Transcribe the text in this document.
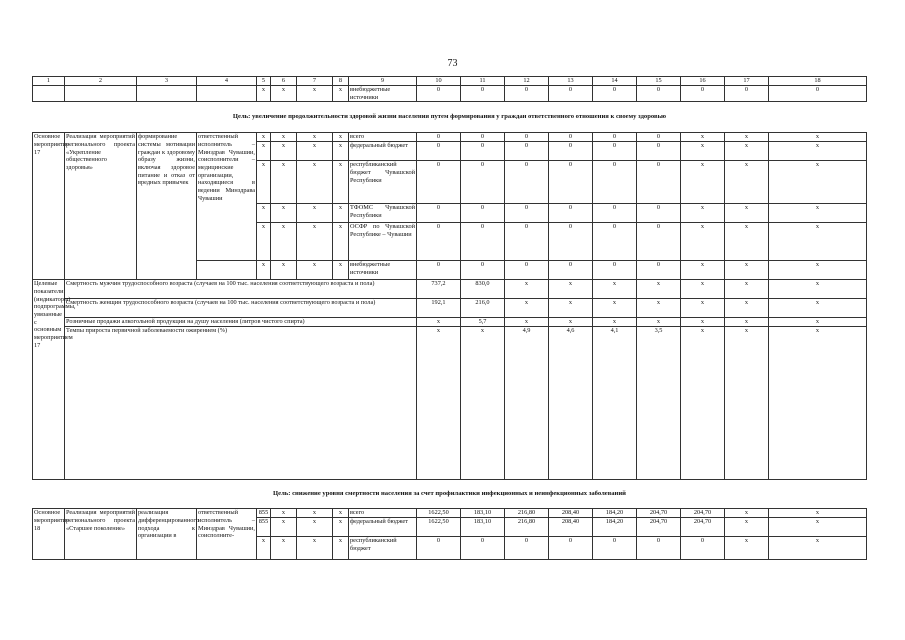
73
1	2	3	4	5	6	7	8	9	10	11	12	13	14	15	16	17	18
				x	x	x	x	внебюджетные источники	0	0	0	0	0	0	0	0	0
Цель: увеличение продолжительности здоровой жизни населения путем формирования у граждан ответственного отношения к своему здоровью																	
Основное мероприятие 17	Реализация мероприятий регионального проекта «Укрепление общественного здоровья»	формирование системы мотивации граждан к здоровому образу жизни, включая здоровое питание и отказ от вредных привычек	ответственный исполнитель – Минздрав Чувашии, соисполнители – медицинские организации, находящиеся в ведении Минздрава Чувашии	x	x	x	x	всего	0	0	0	0	0	0	x	x	x
				x	x	x	x	федеральный бюджет	0	0	0	0	0	0	x	x	x
				x	x	x	x	республиканский бюджет Чувашской Республики	0	0	0	0	0	0	x	x	x
				x	x	x	x	ТФОМС Чувашской Республики	0	0	0	0	0	0	x	x	x
				x	x	x	x	ОСФР по Чувашской Республике – Чувашии	0	0	0	0	0	0	x	x	x
				x	x	x	x	внебюджетные источники	0	0	0	0	0	0	x	x	x
Целевые показатели (индикаторы) подпрограммы, увязанные с основным мероприятием 17	Смертность мужчин трудоспособного возраста (случаев на 100 тыс. населения соответствующего возраста и пола)								737,2	830,0	x	x	x	x	x	x	x
	Смертность женщин трудоспособного возраста (случаев на 100 тыс. населения соответствующего возраста и пола)								192,1	216,0	x	x	x	x	x	x	x
	Розничные продажи алкогольной продукции на душу населения (литров чистого спирта)								x	5,7	x	x	x	x	x	x	x
	Темпы прироста первичной заболеваемости ожирением (%)								x	x	4,9	4,6	4,1	3,5	x	x	x
Цель: снижение уровня смертности населения за счет профилактики инфекционных и неинфекционных заболеваний																	
Основное мероприятие 18	Реализация мероприятий регионального проекта «Старшее поколение»	реализация дифференцированного подхода к организации в	ответственный исполнитель – Минздрав Чувашии, соисполните-	855	x	x	x	всего	1622,50	183,10	216,80	208,40	184,20	204,70	204,70	x	x
				855	x	x	x	федеральный бюджет	1622,50	183,10	216,80	208,40	184,20	204,70	204,70	x	x
				x	x	x	x	республиканский бюджет	0	0	0	0	0	0	0	x	x
